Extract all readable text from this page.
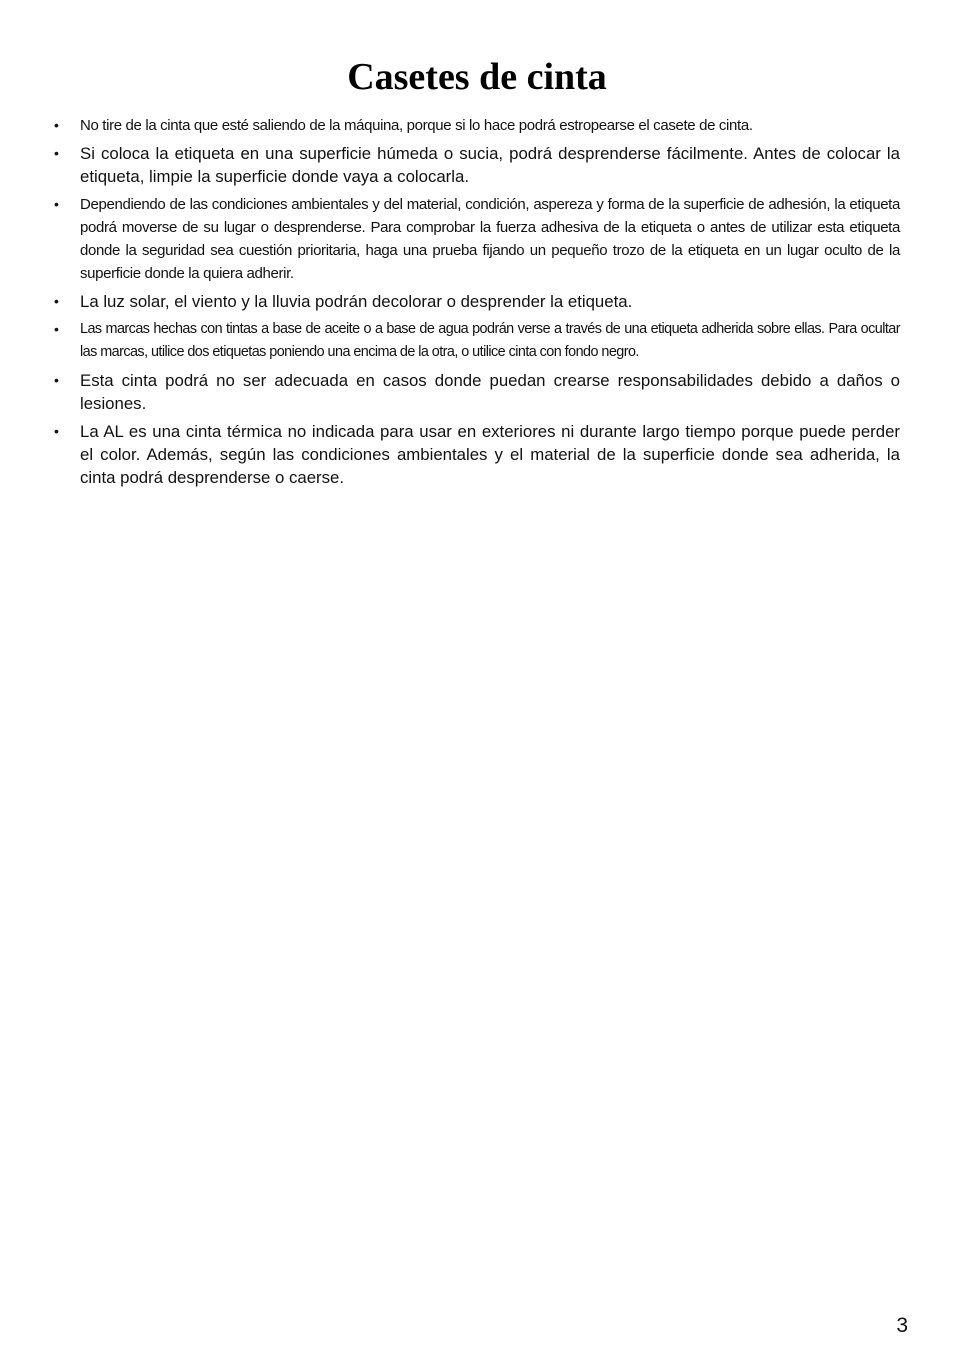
Casetes de cinta
• No tire de la cinta que esté saliendo de la máquina, porque si lo hace podrá estropearse el casete de cinta.
• Si coloca la etiqueta en una superficie húmeda o sucia, podrá desprenderse fácilmente. Antes de colocar la etiqueta, limpie la superficie donde vaya a colocarla.
• Dependiendo de las condiciones ambientales y del material, condición, aspereza y forma de la superficie de adhesión, la etiqueta podrá moverse de su lugar o desprenderse. Para comprobar la fuerza adhesiva de la etiqueta o antes de utilizar esta etiqueta donde la seguridad sea cuestión prioritaria, haga una prueba fijando un pequeño trozo de la etiqueta en un lugar oculto de la superficie donde la quiera adherir.
• La luz solar, el viento y la lluvia podrán decolorar o desprender la etiqueta.
• Las marcas hechas con tintas a base de aceite o a base de agua podrán verse a través de una etiqueta adherida sobre ellas. Para ocultar las marcas, utilice dos etiquetas poniendo una encima de la otra, o utilice cinta con fondo negro.
• Esta cinta podrá no ser adecuada en casos donde puedan crearse responsabilidades debido a daños o lesiones.
• La AL es una cinta térmica no indicada para usar en exteriores ni durante largo tiempo porque puede perder el color. Además, según las condiciones ambientales y el material de la superficie donde sea adherida, la cinta podrá desprenderse o caerse.
3
